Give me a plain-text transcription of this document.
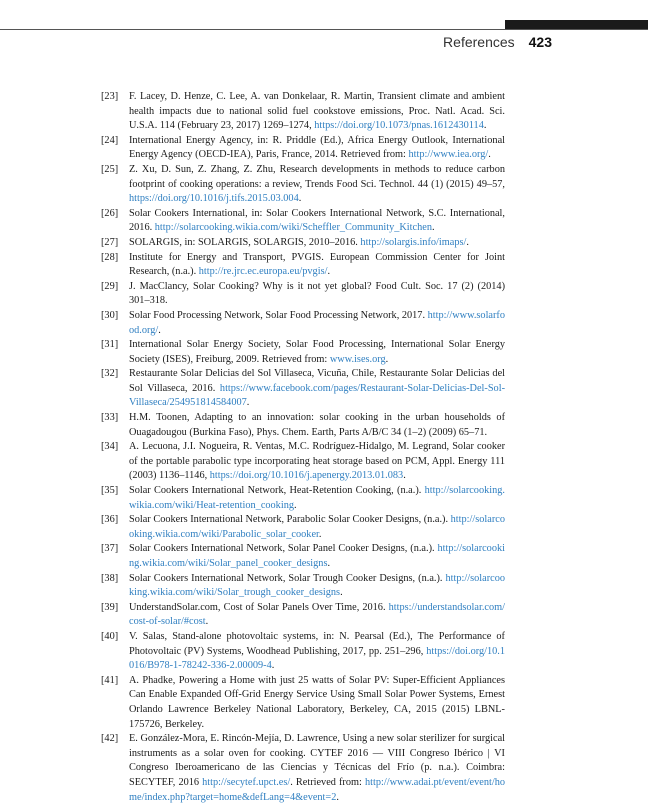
References 423
[23]	F. Lacey, D. Henze, C. Lee, A. van Donkelaar, R. Martin, Transient climate and ambient health impacts due to national solid fuel cookstove emissions, Proc. Natl. Acad. Sci. U.S.A. 114 (February 23, 2017) 1269–1274, https://doi.org/10.1073/pnas.1612430114.
[24]	International Energy Agency, in: R. Priddle (Ed.), Africa Energy Outlook, International Energy Agency (OECD-IEA), Paris, France, 2014. Retrieved from: http://www.iea.org/.
[25]	Z. Xu, D. Sun, Z. Zhang, Z. Zhu, Research developments in methods to reduce carbon footprint of cooking operations: a review, Trends Food Sci. Technol. 44 (1) (2015) 49–57, https://doi.org/10.1016/j.tifs.2015.03.004.
[26]	Solar Cookers International, in: Solar Cookers International Network, S.C. International, 2016. http://solarcooking.wikia.com/wiki/Scheffler_Community_Kitchen.
[27]	SOLARGIS, in: SOLARGIS, SOLARGIS, 2010–2016. http://solargis.info/imaps/.
[28]	Institute for Energy and Transport, PVGIS. European Commission Center for Joint Research, (n.a.). http://re.jrc.ec.europa.eu/pvgis/.
[29]	J. MacClancy, Solar Cooking? Why is it not yet global? Food Cult. Soc. 17 (2) (2014) 301–318.
[30]	Solar Food Processing Network, Solar Food Processing Network, 2017. http://www.solarfood.org/.
[31]	International Solar Energy Society, Solar Food Processing, International Solar Energy Society (ISES), Freiburg, 2009. Retrieved from: www.ises.org.
[32]	Restaurante Solar Delicias del Sol Villaseca, Vicuña, Chile, Restaurante Solar Delicias del Sol Villaseca, 2016. https://www.facebook.com/pages/Restaurant-Solar-Delicias-Del-Sol-Villaseca/254951814584007.
[33]	H.M. Toonen, Adapting to an innovation: solar cooking in the urban households of Ouagadougou (Burkina Faso), Phys. Chem. Earth, Parts A/B/C 34 (1–2) (2009) 65–71.
[34]	A. Lecuona, J.I. Nogueira, R. Ventas, M.C. Rodríguez-Hidalgo, M. Legrand, Solar cooker of the portable parabolic type incorporating heat storage based on PCM, Appl. Energy 111 (2003) 1136–1146, https://doi.org/10.1016/j.apenergy.2013.01.083.
[35]	Solar Cookers International Network, Heat-Retention Cooking, (n.a.). http://solarcooking.wikia.com/wiki/Heat-retention_cooking.
[36]	Solar Cookers International Network, Parabolic Solar Cooker Designs, (n.a.). http://solarcooking.wikia.com/wiki/Parabolic_solar_cooker.
[37]	Solar Cookers International Network, Solar Panel Cooker Designs, (n.a.). http://solarcooking.wikia.com/wiki/Solar_panel_cooker_designs.
[38]	Solar Cookers International Network, Solar Trough Cooker Designs, (n.a.). http://solarcooking.wikia.com/wiki/Solar_trough_cooker_designs.
[39]	UnderstandSolar.com, Cost of Solar Panels Over Time, 2016. https://understandsolar.com/cost-of-solar/#cost.
[40]	V. Salas, Stand-alone photovoltaic systems, in: N. Pearsal (Ed.), The Performance of Photovoltaic (PV) Systems, Woodhead Publishing, 2017, pp. 251–296, https://doi.org/10.1016/B978-1-78242-336-2.00009-4.
[41]	A. Phadke, Powering a Home with just 25 watts of Solar PV: Super-Efficient Appliances Can Enable Expanded Off-Grid Energy Service Using Small Solar Power Systems, Ernest Orlando Lawrence Berkeley National Laboratory, Berkeley, CA, 2015 (2015) LBNL-175726, Berkeley.
[42]	E. González-Mora, E. Rincón-Mejía, D. Lawrence, Using a new solar sterilizer for surgical instruments as a solar oven for cooking. CYTEF 2016 — VIII Congreso Ibérico | VI Congreso Iberoamericano de las Ciencias y Técnicas del Frío (p. n.a.). Coimbra: SECYTEF, 2016 http://secytef.upct.es/. Retrieved from: http://www.adai.pt/event/event/home/index.php?target=home&defLang=4&event=2.
